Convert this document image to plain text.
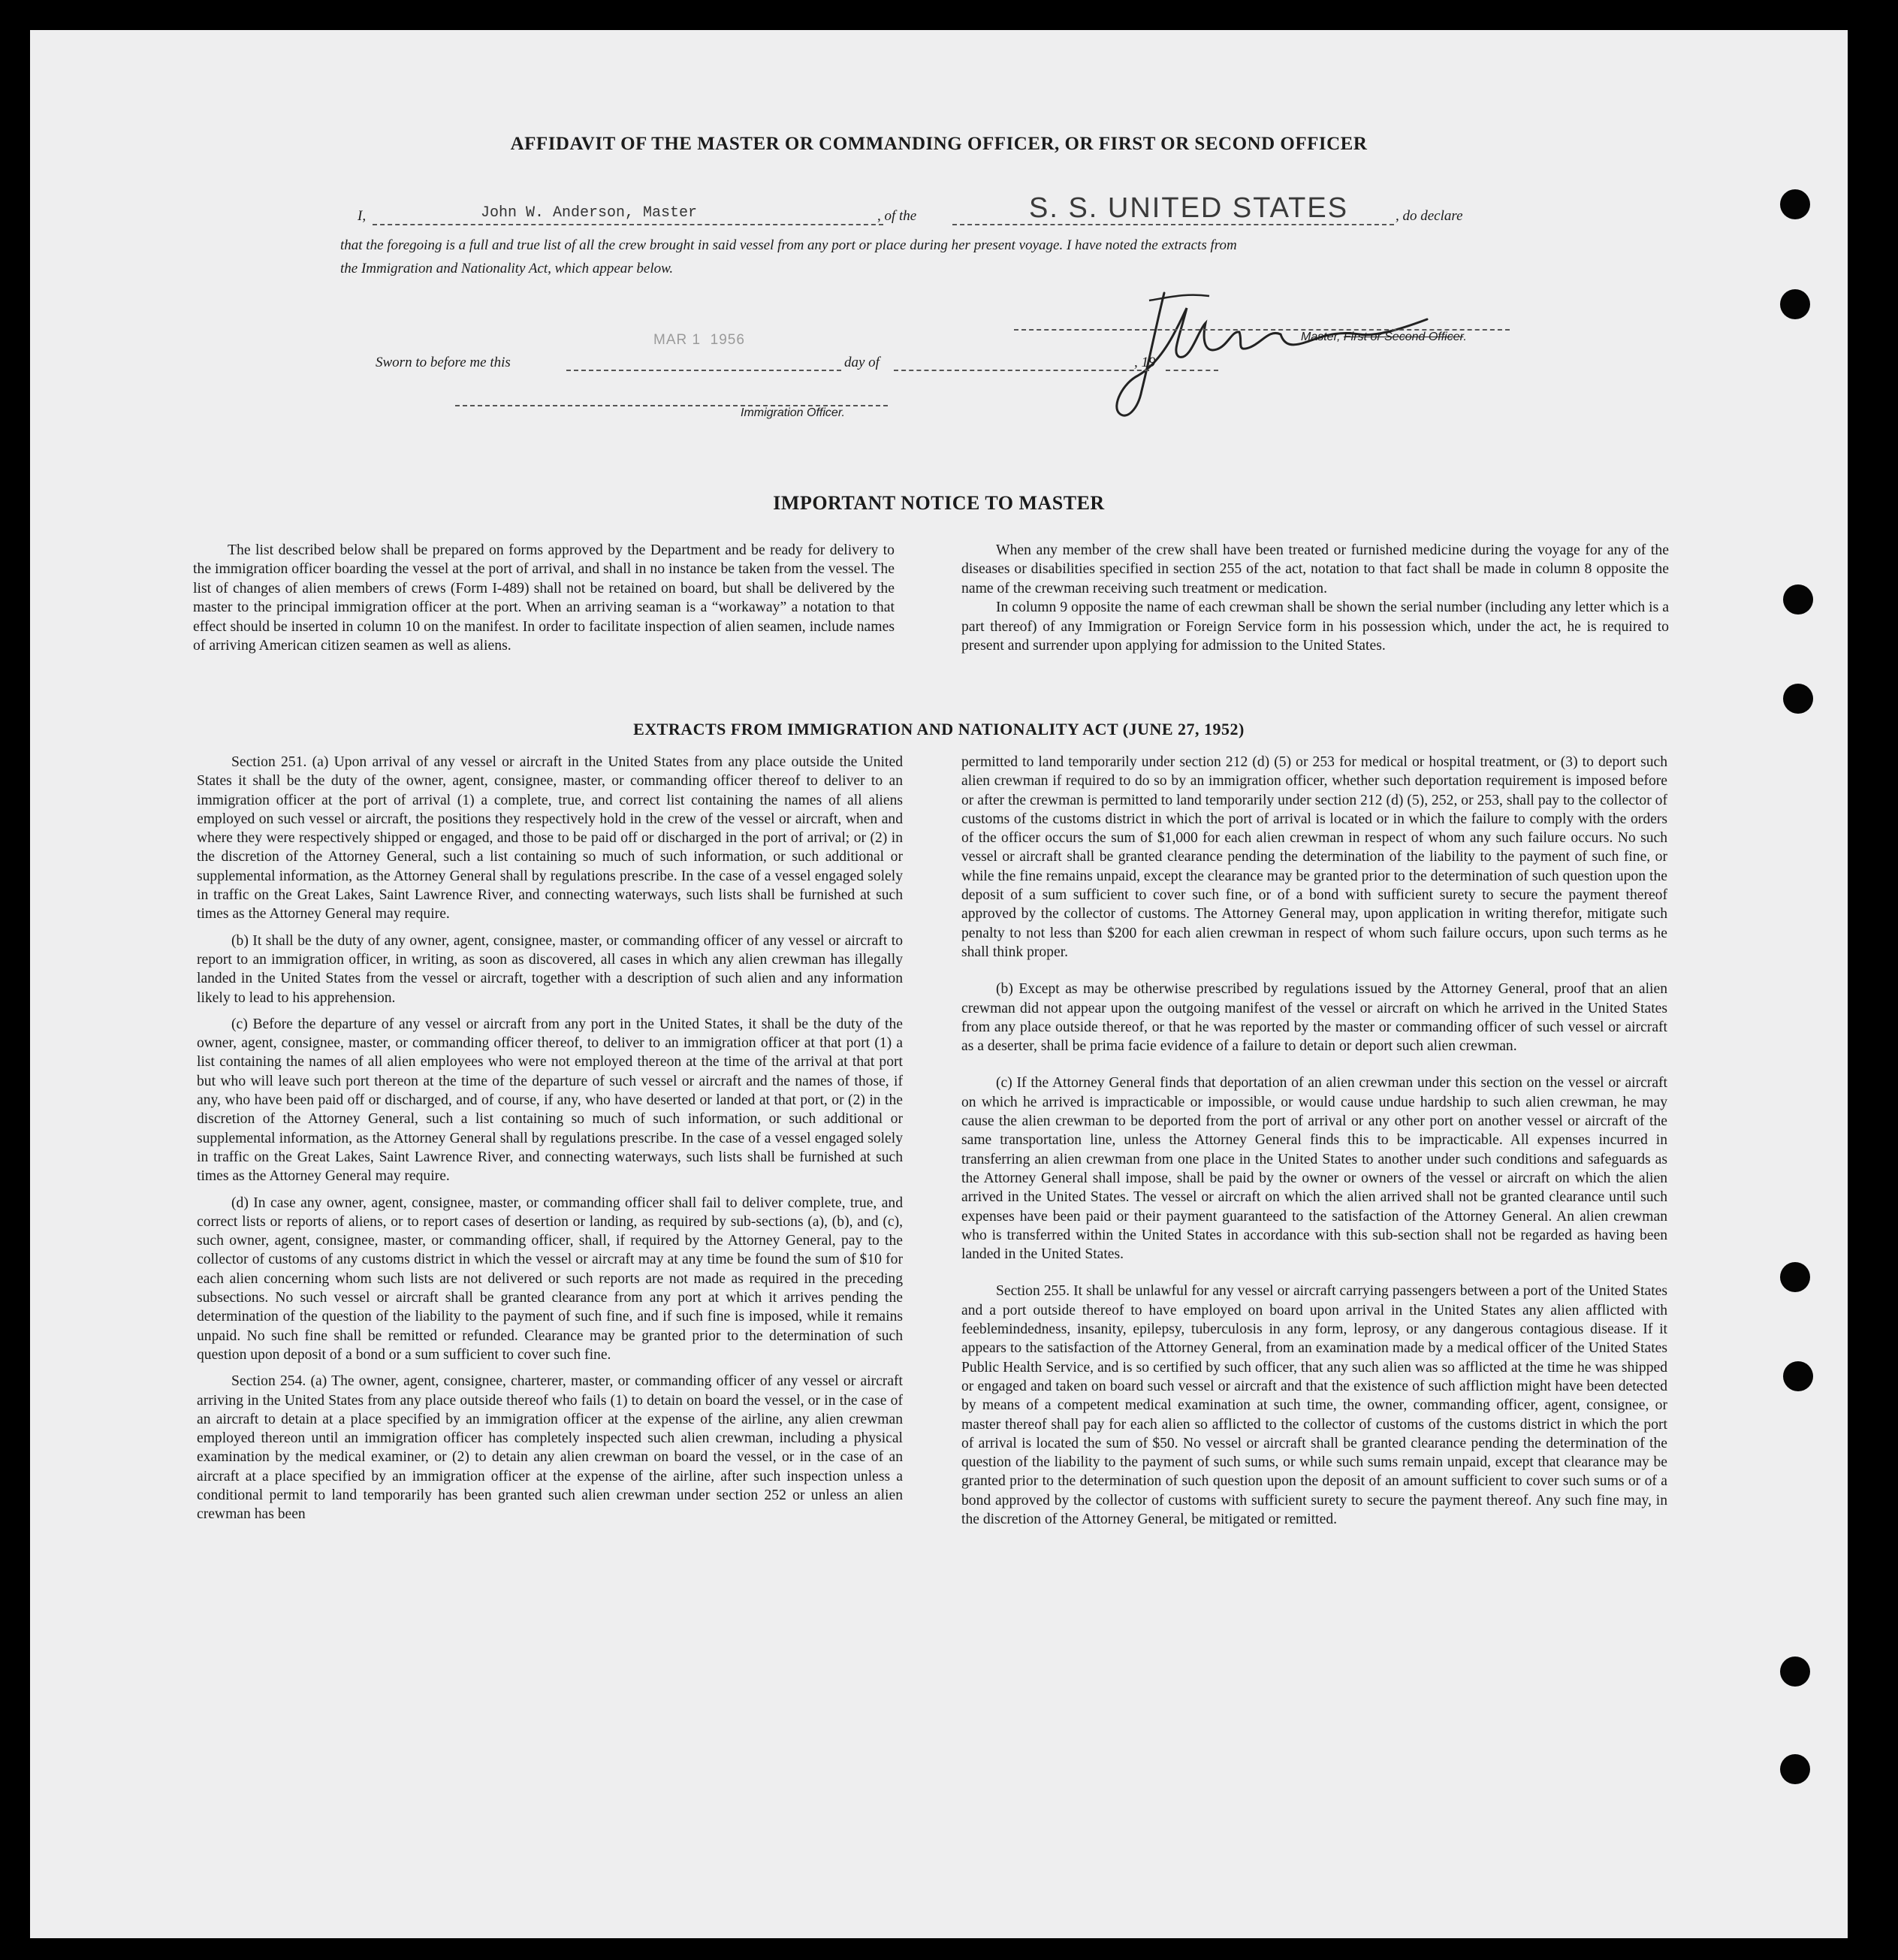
AFFIDAVIT OF THE MASTER OR COMMANDING OFFICER, OR FIRST OR SECOND OFFICER
I,	John W. Anderson, Master	, of the	S. S. UNITED STATES	, do declare
that the foregoing is a full and true list of all the crew brought in said vessel from any port or place during her present voyage. I have noted the extracts from
the Immigration and Nationality Act, which appear below.
Master, First or Second Officer.
Sworn to before me this
MAR 1  1956
day of	, 19
Immigration Officer.
IMPORTANT NOTICE TO MASTER

The list described below shall be prepared on forms approved by the Department and be ready for delivery to the immigration officer boarding the vessel at the port of arrival, and shall in no instance be taken from the vessel. The list of changes of alien members of crews (Form I-489) shall not be retained on board, but shall be delivered by the master to the principal immigration officer at the port. When an arriving seaman is a “workaway” a notation to that effect should be inserted in column 10 on the manifest. In order to facilitate inspection of alien seamen, include names of arriving American citizen seamen as well as aliens.

When any member of the crew shall have been treated or furnished medicine during the voyage for any of the diseases or disabilities specified in section 255 of the act, notation to that fact shall be made in column 8 opposite the name of the crewman receiving such treatment or medication.

In column 9 opposite the name of each crewman shall be shown the serial number (including any letter which is a part thereof) of any Immigration or Foreign Service form in his possession which, under the act, he is required to present and surrender upon applying for admission to the United States.

EXTRACTS FROM IMMIGRATION AND NATIONALITY ACT (JUNE 27, 1952)

Section 251. (a) Upon arrival of any vessel or aircraft in the United States from any place outside the United States it shall be the duty of the owner, agent, consignee, master, or commanding officer thereof to deliver to an immigration officer at the port of arrival (1) a complete, true, and correct list containing the names of all aliens employed on such vessel or aircraft, the positions they respectively hold in the crew of the vessel or aircraft, when and where they were respectively shipped or engaged, and those to be paid off or discharged in the port of arrival; or (2) in the discretion of the Attorney General, such a list containing so much of such information, or such additional or supplemental information, as the Attorney General shall by regulations prescribe. In the case of a vessel engaged solely in traffic on the Great Lakes, Saint Lawrence River, and connecting waterways, such lists shall be furnished at such times as the Attorney General may require.

(b) It shall be the duty of any owner, agent, consignee, master, or commanding officer of any vessel or aircraft to report to an immigration officer, in writing, as soon as discovered, all cases in which any alien crewman has illegally landed in the United States from the vessel or aircraft, together with a description of such alien and any information likely to lead to his apprehension.

(c) Before the departure of any vessel or aircraft from any port in the United States, it shall be the duty of the owner, agent, consignee, master, or commanding officer thereof, to deliver to an immigration officer at that port (1) a list containing the names of all alien employees who were not employed thereon at the time of the arrival at that port but who will leave such port thereon at the time of the departure of such vessel or aircraft and the names of those, if any, who have been paid off or discharged, and of course, if any, who have deserted or landed at that port, or (2) in the discretion of the Attorney General, such a list containing so much of such information, or such additional or supplemental information, as the Attorney General shall by regulations prescribe. In the case of a vessel engaged solely in traffic on the Great Lakes, Saint Lawrence River, and connecting waterways, such lists shall be furnished at such times as the Attorney General may require.

(d) In case any owner, agent, consignee, master, or commanding officer shall fail to deliver complete, true, and correct lists or reports of aliens, or to report cases of desertion or landing, as required by sub-sections (a), (b), and (c), such owner, agent, consignee, master, or commanding officer, shall, if required by the Attorney General, pay to the collector of customs of any customs district in which the vessel or aircraft may at any time be found the sum of $10 for each alien concerning whom such lists are not delivered or such reports are not made as required in the preceding subsections. No such vessel or aircraft shall be granted clearance from any port at which it arrives pending the determination of the question of the liability to the payment of such fine, and if such fine is imposed, while it remains unpaid. No such fine shall be remitted or refunded. Clearance may be granted prior to the determination of such question upon deposit of a bond or a sum sufficient to cover such fine.

Section 254. (a) The owner, agent, consignee, charterer, master, or commanding officer of any vessel or aircraft arriving in the United States from any place outside thereof who fails (1) to detain on board the vessel, or in the case of an aircraft to detain at a place specified by an immigration officer at the expense of the airline, any alien crewman employed thereon until an immigration officer has completely inspected such alien crewman, including a physical examination by the medical examiner, or (2) to detain any alien crewman on board the vessel, or in the case of an aircraft at a place specified by an immigration officer at the expense of the airline, after such inspection unless a conditional permit to land temporarily has been granted such alien crewman under section 252 or unless an alien crewman has been

permitted to land temporarily under section 212 (d) (5) or 253 for medical or hospital treatment, or (3) to deport such alien crewman if required to do so by an immigration officer, whether such deportation requirement is imposed before or after the crewman is permitted to land temporarily under section 212 (d) (5), 252, or 253, shall pay to the collector of customs of the customs district in which the port of arrival is located or in which the failure to comply with the orders of the officer occurs the sum of $1,000 for each alien crewman in respect of whom any such failure occurs. No such vessel or aircraft shall be granted clearance pending the determination of the liability to the payment of such fine, or while the fine remains unpaid, except the clearance may be granted prior to the determination of such question upon the deposit of a sum sufficient to cover such fine, or of a bond with sufficient surety to secure the payment thereof approved by the collector of customs. The Attorney General may, upon application in writing therefor, mitigate such penalty to not less than $200 for each alien crewman in respect of whom such failure occurs, upon such terms as he shall think proper.

(b) Except as may be otherwise prescribed by regulations issued by the Attorney General, proof that an alien crewman did not appear upon the outgoing manifest of the vessel or aircraft on which he arrived in the United States from any place outside thereof, or that he was reported by the master or commanding officer of such vessel or aircraft as a deserter, shall be prima facie evidence of a failure to detain or deport such alien crewman.

(c) If the Attorney General finds that deportation of an alien crewman under this section on the vessel or aircraft on which he arrived is impracticable or impossible, or would cause undue hardship to such alien crewman, he may cause the alien crewman to be deported from the port of arrival or any other port on another vessel or aircraft of the same transportation line, unless the Attorney General finds this to be impracticable. All expenses incurred in transferring an alien crewman from one place in the United States to another under such conditions and safeguards as the Attorney General shall impose, shall be paid by the owner or owners of the vessel or aircraft on which the alien arrived in the United States. The vessel or aircraft on which the alien arrived shall not be granted clearance until such expenses have been paid or their payment guaranteed to the satisfaction of the Attorney General. An alien crewman who is transferred within the United States in accordance with this sub-section shall not be regarded as having been landed in the United States.

Section 255. It shall be unlawful for any vessel or aircraft carrying passengers between a port of the United States and a port outside thereof to have employed on board upon arrival in the United States any alien afflicted with feeblemindedness, insanity, epilepsy, tuberculosis in any form, leprosy, or any dangerous contagious disease. If it appears to the satisfaction of the Attorney General, from an examination made by a medical officer of the United States Public Health Service, and is so certified by such officer, that any such alien was so afflicted at the time he was shipped or engaged and taken on board such vessel or aircraft and that the existence of such affliction might have been detected by means of a competent medical examination at such time, the owner, commanding officer, agent, consignee, or master thereof shall pay for each alien so afflicted to the collector of customs of the customs district in which the port of arrival is located the sum of $50. No vessel or aircraft shall be granted clearance pending the determination of the question of the liability to the payment of such sums, or while such sums remain unpaid, except that clearance may be granted prior to the determination of such question upon the deposit of an amount sufficient to cover such sums or of a bond approved by the collector of customs with sufficient surety to secure the payment thereof. Any such fine may, in the discretion of the Attorney General, be mitigated or remitted.
